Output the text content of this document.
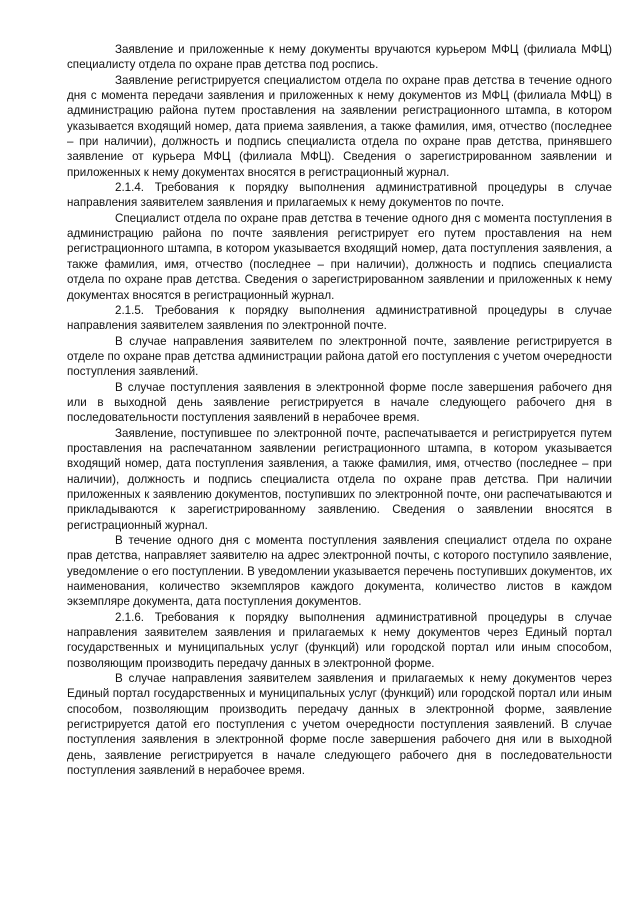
Заявление и приложенные к нему документы вручаются курьером МФЦ (филиала МФЦ) специалисту отдела по охране прав детства под роспись.

Заявление регистрируется специалистом отдела по охране прав детства в течение одного дня с момента передачи заявления и приложенных к нему документов из МФЦ (филиала МФЦ) в администрацию района путем проставления на заявлении регистрационного штампа, в котором указывается входящий номер, дата приема заявления, а также фамилия, имя, отчество (последнее – при наличии), должность и подпись специалиста отдела по охране прав детства, принявшего заявление от курьера МФЦ (филиала МФЦ). Сведения о зарегистрированном заявлении и приложенных к нему документах вносятся в регистрационный журнал.

2.1.4. Требования к порядку выполнения административной процедуры в случае направления заявителем заявления и прилагаемых к нему документов по почте.

Специалист отдела по охране прав детства в течение одного дня с момента поступления в администрацию района по почте заявления регистрирует его путем проставления на нем регистрационного штампа, в котором указывается входящий номер, дата поступления заявления, а также фамилия, имя, отчество (последнее – при наличии), должность и подпись специалиста отдела по охране прав детства. Сведения о зарегистрированном заявлении и приложенных к нему документах вносятся в регистрационный журнал.

2.1.5. Требования к порядку выполнения административной процедуры в случае направления заявителем заявления по электронной почте.

В случае направления заявителем по электронной почте, заявление регистрируется в отделе по охране прав детства администрации района датой его поступления с учетом очередности поступления заявлений.

В случае поступления заявления в электронной форме после завершения рабочего дня или в выходной день заявление регистрируется в начале следующего рабочего дня в последовательности поступления заявлений в нерабочее время.

Заявление, поступившее по электронной почте, распечатывается и регистрируется путем проставления на распечатанном заявлении регистрационного штампа, в котором указывается входящий номер, дата поступления заявления, а также фамилия, имя, отчество (последнее – при наличии), должность и подпись специалиста отдела по охране прав детства. При наличии приложенных к заявлению документов, поступивших по электронной почте, они распечатываются и прикладываются к зарегистрированному заявлению. Сведения о заявлении вносятся в регистрационный журнал.

В течение одного дня с момента поступления заявления специалист отдела по охране прав детства, направляет заявителю на адрес электронной почты, с которого поступило заявление, уведомление о его поступлении. В уведомлении указывается перечень поступивших документов, их наименования, количество экземпляров каждого документа, количество листов в каждом экземпляре документа, дата поступления документов.

2.1.6. Требования к порядку выполнения административной процедуры в случае направления заявителем заявления и прилагаемых к нему документов через Единый портал государственных и муниципальных услуг (функций) или городской портал или иным способом, позволяющим производить передачу данных в электронной форме.

В случае направления заявителем заявления и прилагаемых к нему документов через Единый портал государственных и муниципальных услуг (функций) или городской портал или иным способом, позволяющим производить передачу данных в электронной форме, заявление регистрируется датой его поступления с учетом очередности поступления заявлений. В случае поступления заявления в электронной форме после завершения рабочего дня или в выходной день, заявление регистрируется в начале следующего рабочего дня в последовательности поступления заявлений в нерабочее время.
